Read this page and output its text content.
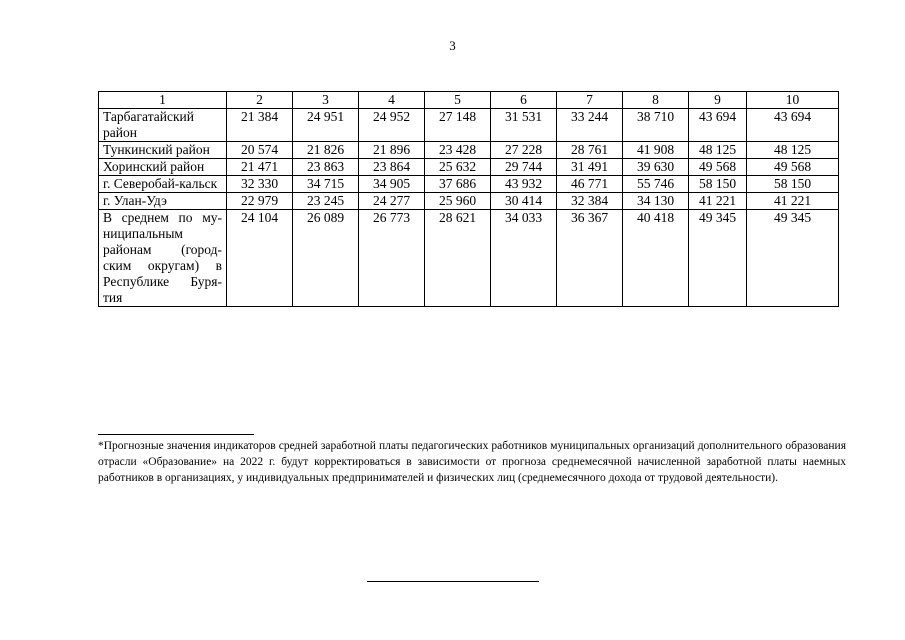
3
1	2	3	4	5	6	7	8	9	10
Тарбагатайский район	21 384	24 951	24 952	27 148	31 531	33 244	38 710	43 694	43 694
Тункинский район	20 574	21 826	21 896	23 428	27 228	28 761	41 908	48 125	48 125
Хоринский район	21 471	23 863	23 864	25 632	29 744	31 491	39 630	49 568	49 568
г. Северобай-кальск	32 330	34 715	34 905	37 686	43 932	46 771	55 746	58 150	58 150
г. Улан-Удэ	22 979	23 245	24 277	25 960	30 414	32 384	34 130	41 221	41 221
В среднем по му-ниципальным районам (город-ским округам) в Республике Буря-тия	24 104	26 089	26 773	28 621	34 033	36 367	40 418	49 345	49 345
*Прогнозные значения индикаторов средней заработной платы педагогических работников муниципальных организаций дополнительного образования отрасли «Образование» на 2022 г. будут корректироваться в зависимости от прогноза среднемесячной начисленной заработной платы наемных работников в организациях, у индивидуальных предпринимателей и физических лиц (среднемесячного дохода от трудовой деятельности).
